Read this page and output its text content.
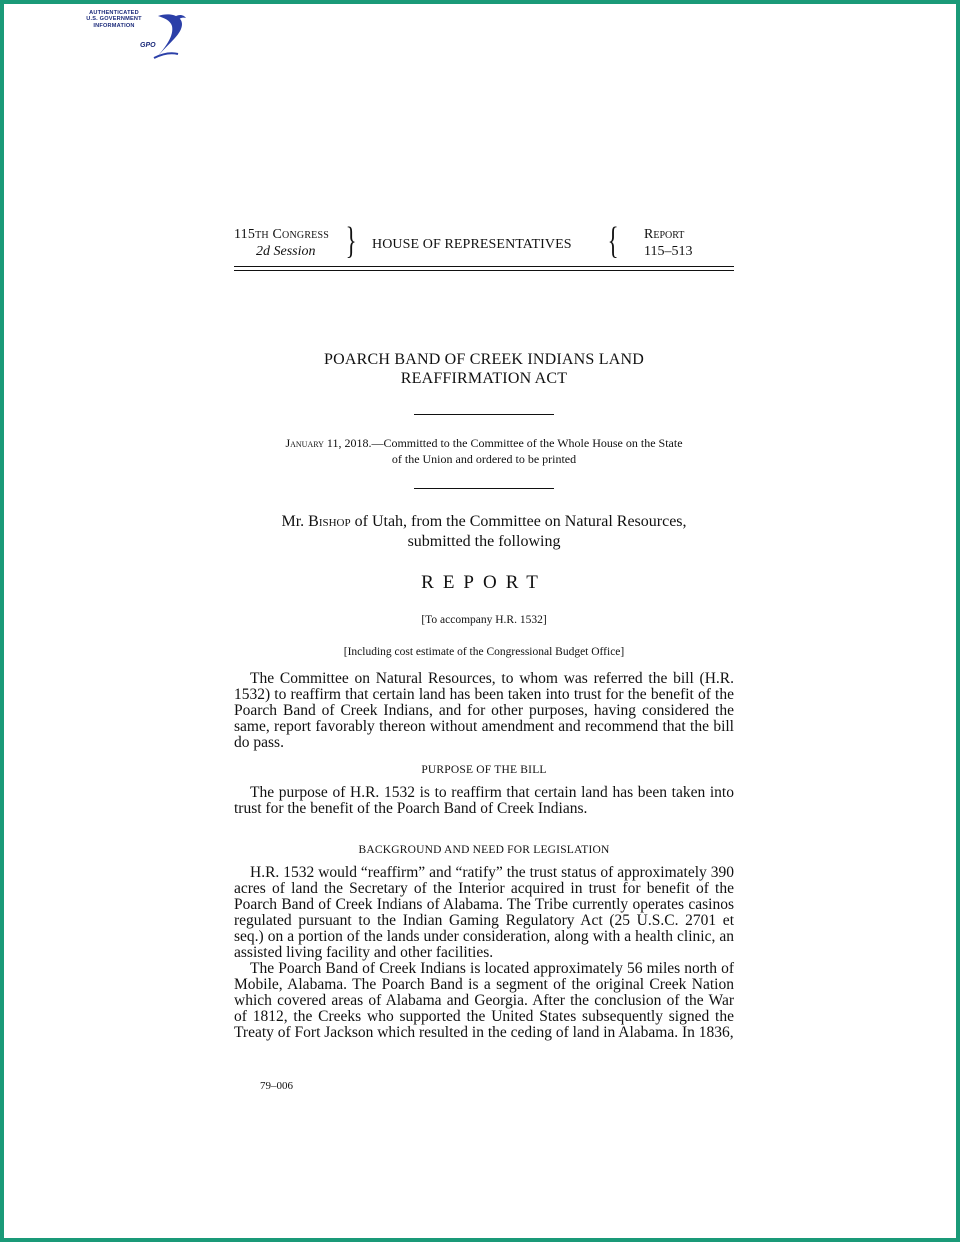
AUTHENTICATED
U.S. GOVERNMENT
INFORMATION
GPO
115th Congress
2d Session } HOUSE OF REPRESENTATIVES { Report
115–513
POARCH BAND OF CREEK INDIANS LAND
REAFFIRMATION ACT
January 11, 2018.—Committed to the Committee of the Whole House on the State
of the Union and ordered to be printed
Mr. Bishop of Utah, from the Committee on Natural Resources,
submitted the following
REPORT
[To accompany H.R. 1532]
[Including cost estimate of the Congressional Budget Office]

The Committee on Natural Resources, to whom was referred the bill (H.R. 1532) to reaffirm that certain land has been taken into trust for the benefit of the Poarch Band of Creek Indians, and for other purposes, having considered the same, report favorably thereon without amendment and recommend that the bill do pass.

PURPOSE OF THE BILL

The purpose of H.R. 1532 is to reaffirm that certain land has been taken into trust for the benefit of the Poarch Band of Creek Indians.

BACKGROUND AND NEED FOR LEGISLATION

H.R. 1532 would “reaffirm” and “ratify” the trust status of approximately 390 acres of land the Secretary of the Interior acquired in trust for benefit of the Poarch Band of Creek Indians of Alabama. The Tribe currently operates casinos regulated pursuant to the Indian Gaming Regulatory Act (25 U.S.C. 2701 et seq.) on a portion of the lands under consideration, along with a health clinic, an assisted living facility and other facilities.

The Poarch Band of Creek Indians is located approximately 56 miles north of Mobile, Alabama. The Poarch Band is a segment of the original Creek Nation which covered areas of Alabama and Georgia. After the conclusion of the War of 1812, the Creeks who supported the United States subsequently signed the Treaty of Fort Jackson which resulted in the ceding of land in Alabama. In 1836,

79–006
